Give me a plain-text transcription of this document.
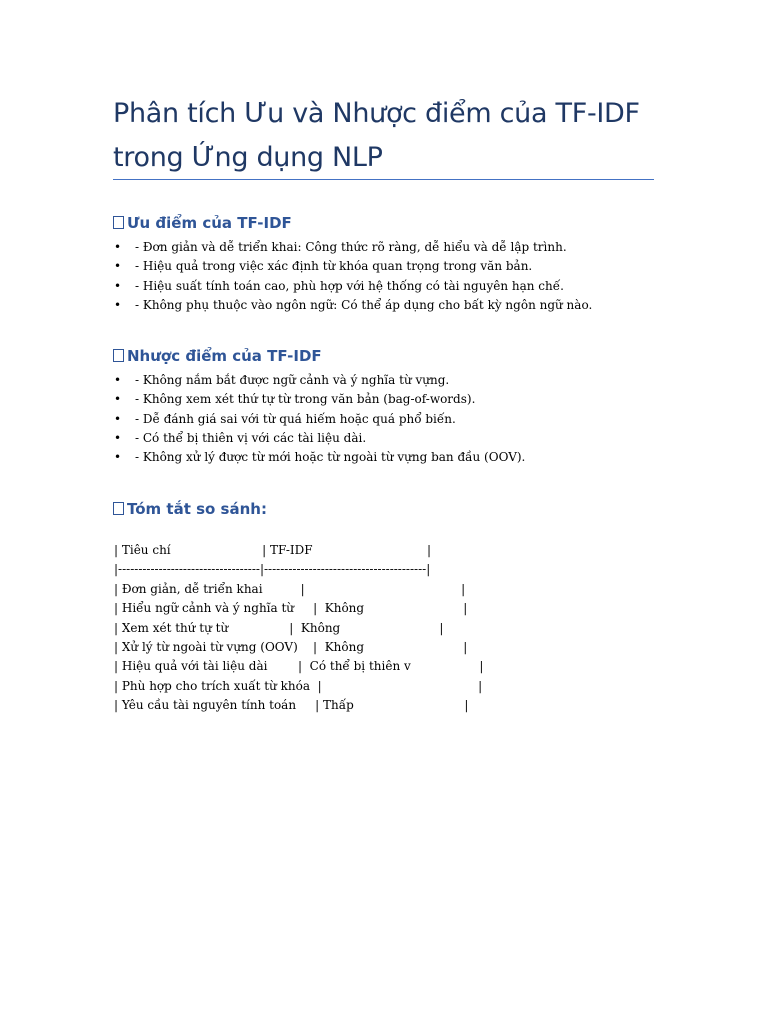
Phân tích Ưu và Nhược điểm của TF-IDF
trong Ứng dụng NLP
Ưu điểm của TF-IDF
• - Đơn giản và dễ triển khai: Công thức rõ ràng, dễ hiểu và dễ lập trình.
• - Hiệu quả trong việc xác định từ khóa quan trọng trong văn bản.
• - Hiệu suất tính toán cao, phù hợp với hệ thống có tài nguyên hạn chế.
• - Không phụ thuộc vào ngôn ngữ: Có thể áp dụng cho bất kỳ ngôn ngữ nào.
Nhược điểm của TF-IDF
• - Không nắm bắt được ngữ cảnh và ý nghĩa từ vựng.
• - Không xem xét thứ tự từ trong văn bản (bag-of-words).
• - Dễ đánh giá sai với từ quá hiếm hoặc quá phổ biến.
• - Có thể bị thiên vị với các tài liệu dài.
• - Không xử lý được từ mới hoặc từ ngoài từ vựng ban đầu (OOV).
Tóm tắt so sánh:
| Tiêu chí                        | TF-IDF                              |
|-----------------------------------|----------------------------------------|
| Đơn giản, dễ triển khai          |                                         |
| Hiểu ngữ cảnh và ý nghĩa từ     |  Không                          |
| Xem xét thứ tự từ                |  Không                          |
| Xử lý từ ngoài từ vựng (OOV)    |  Không                          |
| Hiệu quả với tài liệu dài        | ️ Có thể bị thiên v                  |
| Phù hợp cho trích xuất từ khóa  |                                         |
| Yêu cầu tài nguyên tính toán     | Thấp                             |
